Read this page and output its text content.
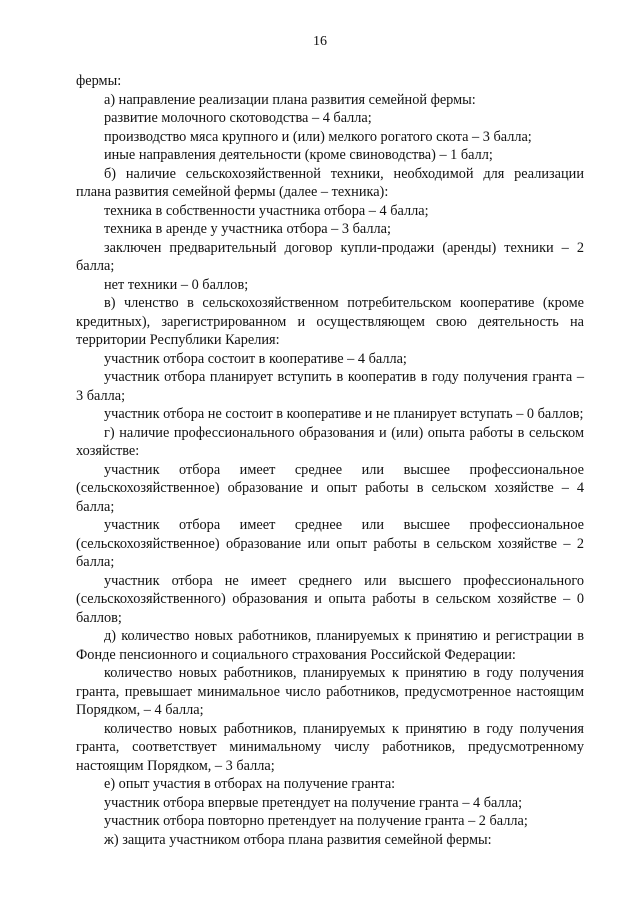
16

фермы:

а) направление реализации плана развития семейной фермы:

развитие молочного скотоводства – 4 балла;

производство мяса крупного и (или) мелкого рогатого скота – 3 балла;

иные направления деятельности (кроме свиноводства) – 1 балл;

б) наличие сельскохозяйственной техники, необходимой для реализации плана развития семейной фермы (далее – техника):

техника в собственности участника отбора – 4 балла;

техника в аренде у участника отбора – 3 балла;

заключен предварительный договор купли-продажи (аренды) техники – 2 балла;

нет техники – 0 баллов;

в) членство в сельскохозяйственном потребительском кооперативе (кроме кредитных), зарегистрированном и осуществляющем свою деятельность на территории Республики Карелия:

участник отбора состоит в кооперативе – 4 балла;

участник отбора планирует вступить в кооператив в году получения гранта – 3 балла;

участник отбора не состоит в кооперативе и не планирует вступать – 0 баллов;

г) наличие профессионального образования и (или) опыта работы в сельском хозяйстве:

участник отбора имеет среднее или высшее профессиональное (сельскохозяйственное) образование и опыт работы в сельском хозяйстве – 4 балла;

участник отбора имеет среднее или высшее профессиональное (сельскохозяйственное) образование или опыт работы в сельском хозяйстве – 2 балла;

участник отбора не имеет среднего или высшего профессионального (сельскохозяйственного) образования и опыта работы в сельском хозяйстве – 0 баллов;

д) количество новых работников, планируемых к принятию и регистрации в Фонде пенсионного и социального страхования Российской Федерации:

количество новых работников, планируемых к принятию в году получения гранта, превышает минимальное число работников, предусмотренное настоящим Порядком, – 4 балла;

количество новых работников, планируемых к принятию в году получения гранта, соответствует минимальному числу работников, предусмотренному настоящим Порядком, – 3 балла;

е) опыт участия в отборах на получение гранта:

участник отбора впервые претендует на получение гранта – 4 балла;

участник отбора повторно претендует на получение гранта – 2 балла;

ж) защита участником отбора плана развития семейной фермы:
